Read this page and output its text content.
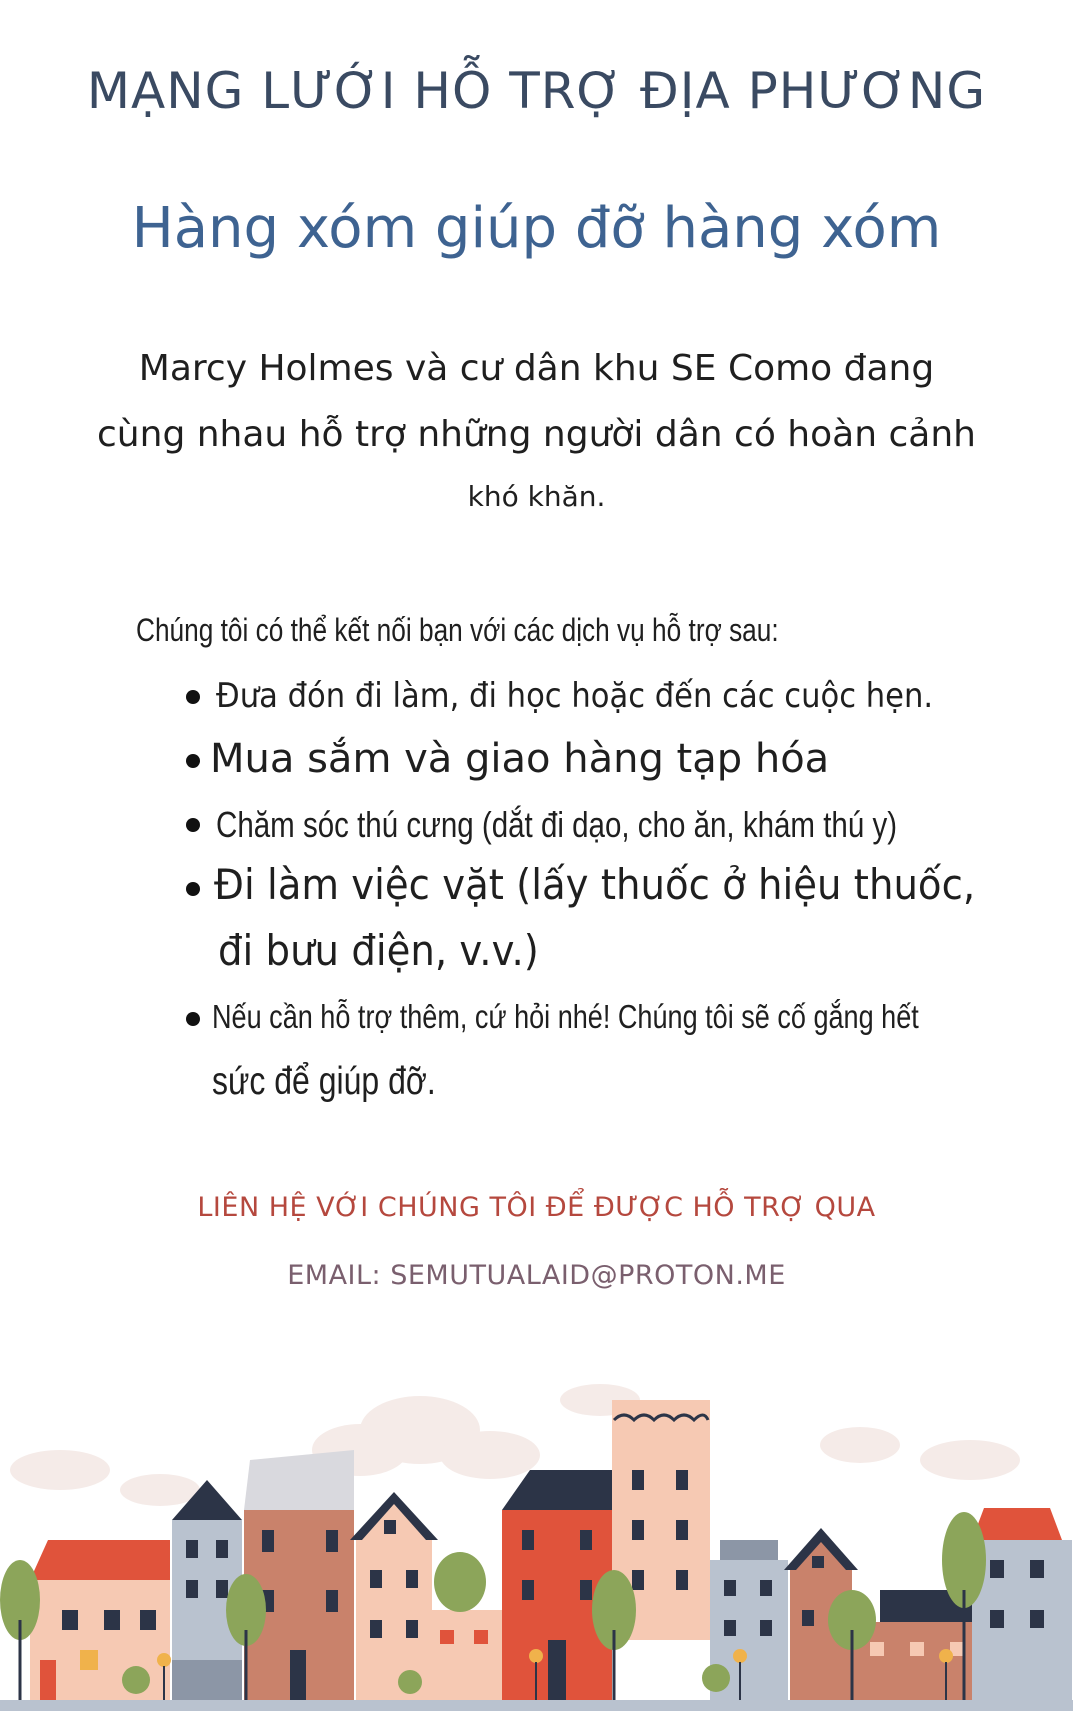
MẠNG LƯỚI HỖ TRỢ ĐỊA PHƯƠNG
Hàng xóm giúp đỡ hàng xóm
Marcy Holmes và cư dân khu SE Como đang
cùng nhau hỗ trợ những người dân có hoàn cảnh
khó khăn.
Chúng tôi có thể kết nối bạn với các dịch vụ hỗ trợ sau:
Đưa đón đi làm, đi học hoặc đến các cuộc hẹn.
Mua sắm và giao hàng tạp hóa
Chăm sóc thú cưng (dắt đi dạo, cho ăn, khám thú y)
Đi làm việc vặt (lấy thuốc ở hiệu thuốc,
đi bưu điện, v.v.)
Nếu cần hỗ trợ thêm, cứ hỏi nhé! Chúng tôi sẽ cố gắng hết
sức để giúp đỡ.
LIÊN HỆ VỚI CHÚNG TÔI ĐỂ ĐƯỢC HỖ TRỢ QUA
EMAIL: SEMUTUALAID@PROTON.ME
